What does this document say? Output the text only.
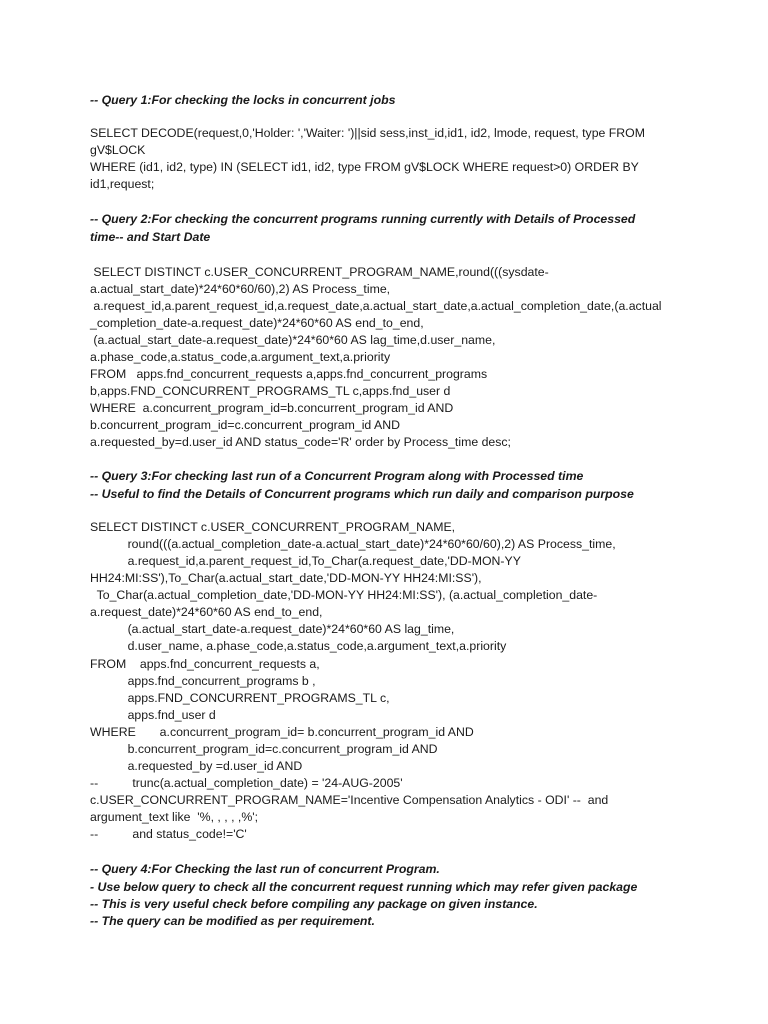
-- Query 1:For checking the locks in concurrent jobs
SELECT DECODE(request,0,'Holder: ','Waiter: ')||sid sess,inst_id,id1, id2, lmode, request, type FROM
gV$LOCK
WHERE (id1, id2, type) IN (SELECT id1, id2, type FROM gV$LOCK WHERE request>0) ORDER BY
id1,request;
-- Query 2:For checking the concurrent programs running currently with Details of Processed
time-- and Start Date
SELECT DISTINCT c.USER_CONCURRENT_PROGRAM_NAME,round(((sysdate-
a.actual_start_date)*24*60*60/60),2) AS Process_time,
a.request_id,a.parent_request_id,a.request_date,a.actual_start_date,a.actual_completion_date,(a.actual
_completion_date-a.request_date)*24*60*60 AS end_to_end,
(a.actual_start_date-a.request_date)*24*60*60 AS lag_time,d.user_name,
a.phase_code,a.status_code,a.argument_text,a.priority
FROM   apps.fnd_concurrent_requests a,apps.fnd_concurrent_programs
b,apps.FND_CONCURRENT_PROGRAMS_TL c,apps.fnd_user d
WHERE  a.concurrent_program_id=b.concurrent_program_id AND
b.concurrent_program_id=c.concurrent_program_id AND
a.requested_by=d.user_id AND status_code='R' order by Process_time desc;
-- Query 3:For checking last run of a Concurrent Program along with Processed time
-- Useful to find the Details of Concurrent programs which run daily and comparison purpose
SELECT DISTINCT c.USER_CONCURRENT_PROGRAM_NAME,
round(((a.actual_completion_date-a.actual_start_date)*24*60*60/60),2) AS Process_time,
a.request_id,a.parent_request_id,To_Char(a.request_date,'DD-MON-YY
HH24:MI:SS'),To_Char(a.actual_start_date,'DD-MON-YY HH24:MI:SS'),
To_Char(a.actual_completion_date,'DD-MON-YY HH24:MI:SS'), (a.actual_completion_date-
a.request_date)*24*60*60 AS end_to_end,
(a.actual_start_date-a.request_date)*24*60*60 AS lag_time,
d.user_name, a.phase_code,a.status_code,a.argument_text,a.priority
FROM    apps.fnd_concurrent_requests a,
apps.fnd_concurrent_programs b ,
apps.FND_CONCURRENT_PROGRAMS_TL c,
apps.fnd_user d
WHERE       a.concurrent_program_id= b.concurrent_program_id AND
b.concurrent_program_id=c.concurrent_program_id AND
a.requested_by =d.user_id AND
--          trunc(a.actual_completion_date) = '24-AUG-2005'
c.USER_CONCURRENT_PROGRAM_NAME='Incentive Compensation Analytics - ODI' --  and
argument_text like  '%, , , , ,%';
--          and status_code!='C'
-- Query 4:For Checking the last run of concurrent Program.
- Use below query to check all the concurrent request running which may refer given package
-- This is very useful check before compiling any package on given instance.
-- The query can be modified as per requirement.
